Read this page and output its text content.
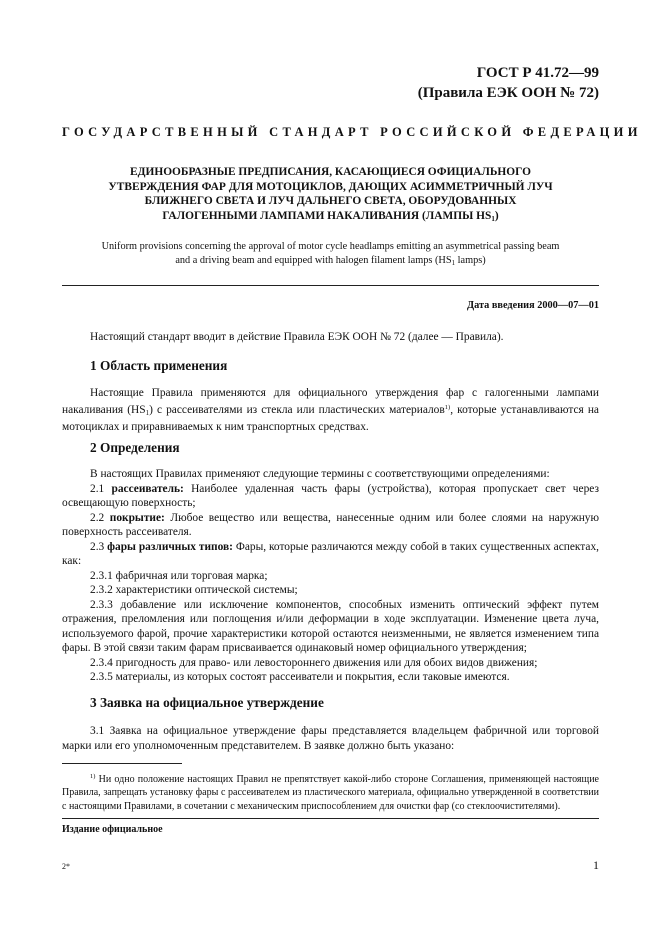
ГОСТ Р 41.72—99
(Правила ЕЭК ООН № 72)
ГОСУДАРСТВЕННЫЙ СТАНДАРТ РОССИЙСКОЙ ФЕДЕРАЦИИ
ЕДИНООБРАЗНЫЕ ПРЕДПИСАНИЯ, КАСАЮЩИЕСЯ ОФИЦИАЛЬНОГО
УТВЕРЖДЕНИЯ ФАР ДЛЯ МОТОЦИКЛОВ, ДАЮЩИХ АСИММЕТРИЧНЫЙ ЛУЧ
БЛИЖНЕГО СВЕТА И ЛУЧ ДАЛЬНЕГО СВЕТА, ОБОРУДОВАННЫХ
ГАЛОГЕННЫМИ ЛАМПАМИ НАКАЛИВАНИЯ (ЛАМПЫ $HS_1$)
Uniform provisions concerning the approval of motor cycle headlamps emitting an asymmetrical passing beam
and a driving beam and equipped with halogen filament lamps ($HS_1$ lamps)
Дата введения 2000—07—01

Настоящий стандарт вводит в действие Правила ЕЭК ООН № 72 (далее — Правила).

1 Область применения

Настоящие Правила применяются для официального утверждения фар с галогенными лампами накаливания $(HS_1)$ с рассеивателями из стекла или пластических материалов$^{1)}$, которые устанавливаются на мотоциклах и приравниваемых к ним транспортных средствах.

2 Определения

В настоящих Правилах применяют следующие термины с соответствующими определениями:

2.1 рассеиватель: Наиболее удаленная часть фары (устройства), которая пропускает свет через освещающую поверхность;

2.2 покрытие: Любое вещество или вещества, нанесенные одним или более слоями на наружную поверхность рассеивателя.

2.3 фары различных типов: Фары, которые различаются между собой в таких существенных аспектах, как:

2.3.1 фабричная или торговая марка;

2.3.2 характеристики оптической системы;

2.3.3 добавление или исключение компонентов, способных изменить оптический эффект путем отражения, преломления или поглощения и/или деформации в ходе эксплуатации. Изменение цвета луча, используемого фарой, прочие характеристики которой остаются неизменными, не является изменением типа фары. В этой связи таким фарам присваивается одинаковый номер официального утверждения;

2.3.4 пригодность для право- или левостороннего движения или для обоих видов движения;

2.3.5 материалы, из которых состоят рассеиватели и покрытия, если таковые имеются.

3 Заявка на официальное утверждение

3.1 Заявка на официальное утверждение фары представляется владельцем фабричной или торговой марки или его уполномоченным представителем. В заявке должно быть указано:

$^{1)}$ Ни одно положение настоящих Правил не препятствует какой-либо стороне Соглашения, применяющей настоящие Правила, запрещать установку фары с рассеивателем из пластического материала, официально утвержденной в соответствии с настоящими Правилами, в сочетании с механическим приспособлением для очистки фар (со стеклоочистителями).

Издание официальное
2*	1
